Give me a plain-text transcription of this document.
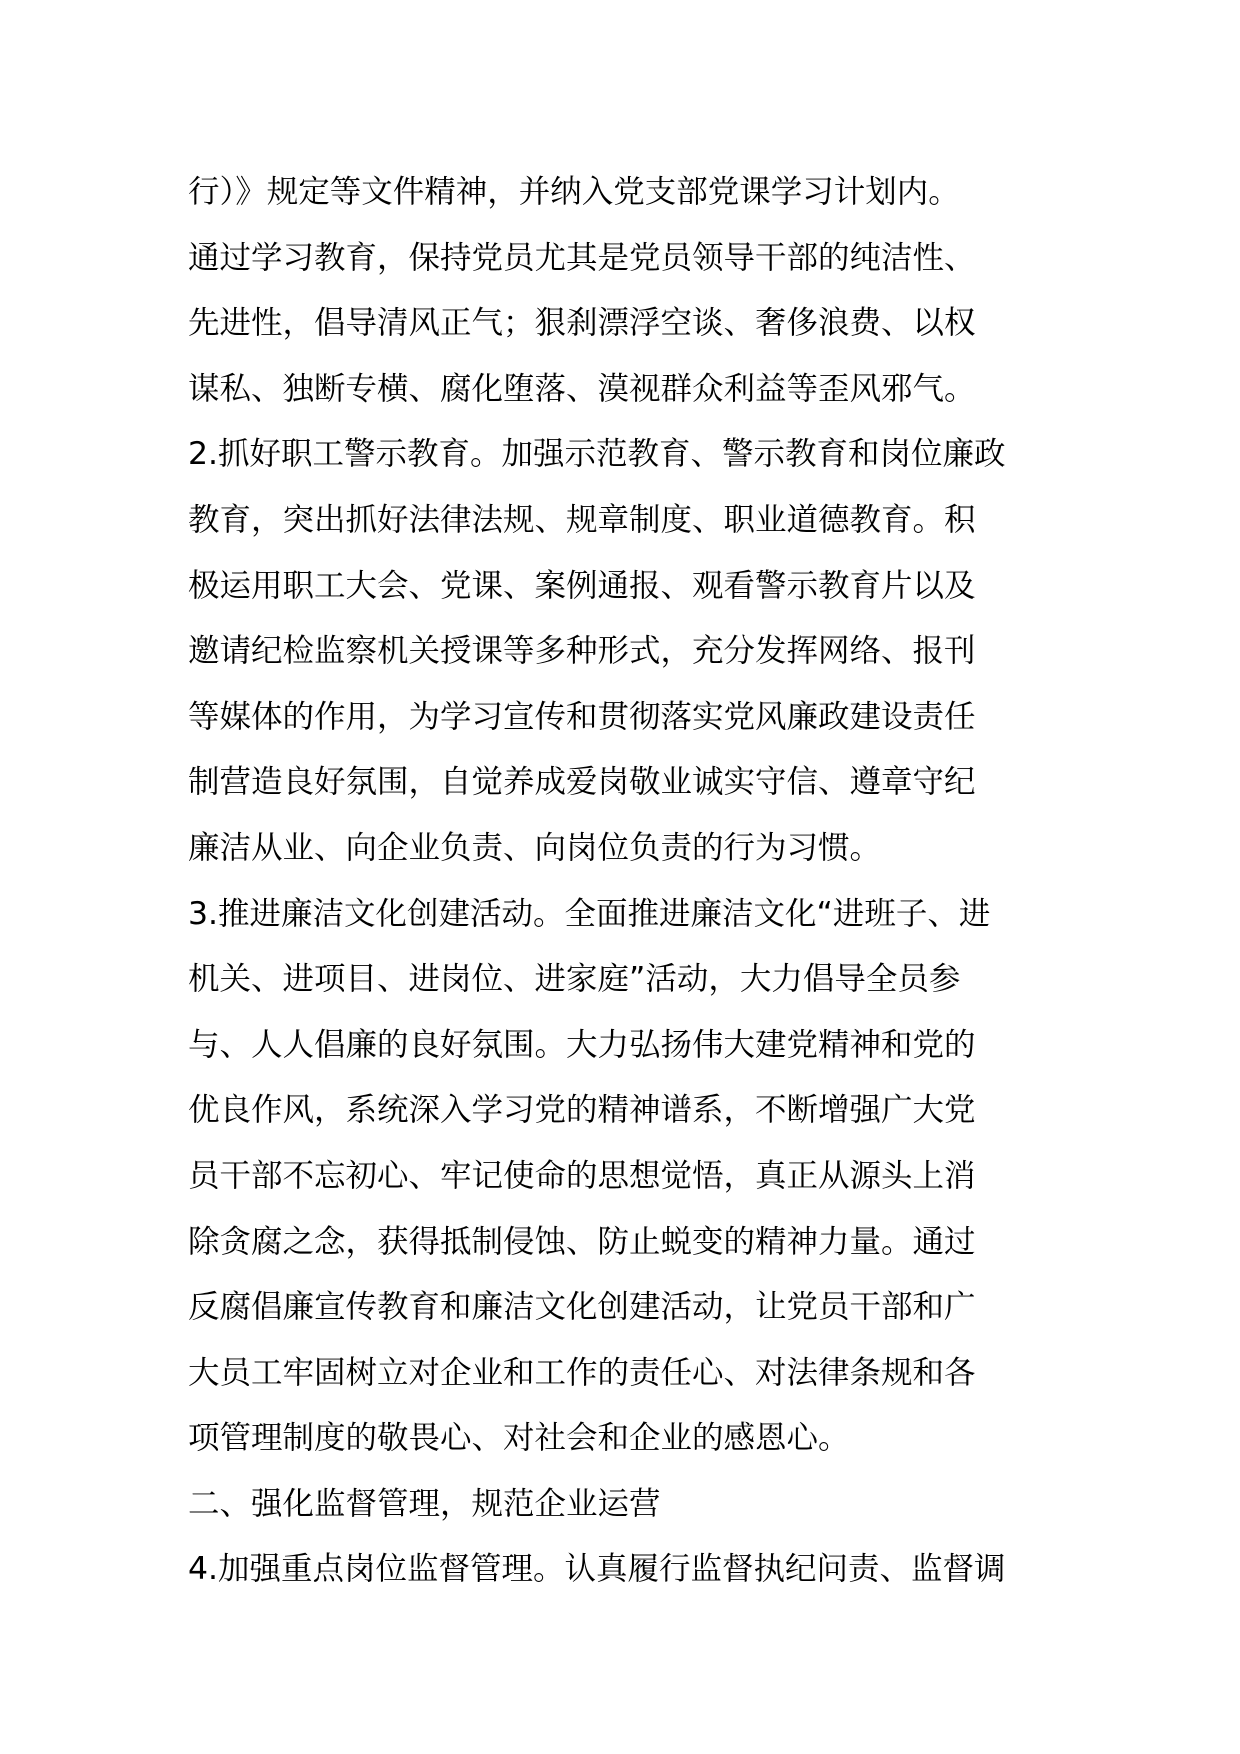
行）》规定等文件精神，并纳入党支部党课学习计划内。
通过学习教育，保持党员尤其是党员领导干部的纯洁性、
先进性，倡导清风正气；狠刹漂浮空谈、奢侈浪费、以权
谋私、独断专横、腐化堕落、漠视群众利益等歪风邪气。
2.抓好职工警示教育。加强示范教育、警示教育和岗位廉政
教育，突出抓好法律法规、规章制度、职业道德教育。积
极运用职工大会、党课、案例通报、观看警示教育片以及
邀请纪检监察机关授课等多种形式，充分发挥网络、报刊
等媒体的作用，为学习宣传和贯彻落实党风廉政建设责任
制营造良好氛围，自觉养成爱岗敬业诚实守信、遵章守纪
廉洁从业、向企业负责、向岗位负责的行为习惯。
3.推进廉洁文化创建活动。全面推进廉洁文化“进班子、进
机关、进项目、进岗位、进家庭”活动，大力倡导全员参
与、人人倡廉的良好氛围。大力弘扬伟大建党精神和党的
优良作风，系统深入学习党的精神谱系，不断增强广大党
员干部不忘初心、牢记使命的思想觉悟，真正从源头上消
除贪腐之念，获得抵制侵蚀、防止蜕变的精神力量。通过
反腐倡廉宣传教育和廉洁文化创建活动，让党员干部和广
大员工牢固树立对企业和工作的责任心、对法律条规和各
项管理制度的敬畏心、对社会和企业的感恩心。
二、强化监督管理，规范企业运营
4.加强重点岗位监督管理。认真履行监督执纪问责、监督调
